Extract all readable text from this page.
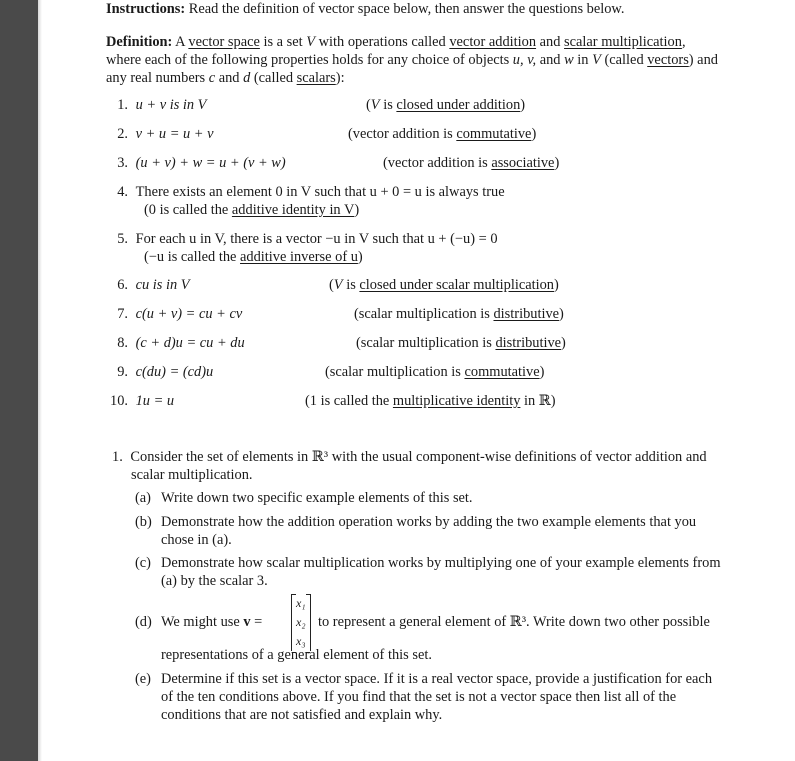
Instructions: Read the definition of vector space below, then answer the questions below.
Definition: A vector space is a set V with operations called vector addition and scalar multiplication,
where each of the following properties holds for any choice of objects u, v, and w in V (called vectors) and
any real numbers c and d (called scalars):
1. u + v is in V	(V is closed under addition)
2. v + u = u + v	(vector addition is commutative)
3. (u + v) + w = u + (v + w)	(vector addition is associative)
4. There exists an element 0 in V such that u + 0 = u is always true
(0 is called the additive identity in V)
5. For each u in V, there is a vector −u in V such that u + (−u) = 0
(−u is called the additive inverse of u)
6. cu is in V	(V is closed under scalar multiplication)
7. c(u + v) = cu + cv	(scalar multiplication is distributive)
8. (c + d)u = cu + du	(scalar multiplication is distributive)
9. c(du) = (cd)u	(scalar multiplication is commutative)
10. 1u = u	(1 is called the multiplicative identity in ℝ)
1. Consider the set of elements in ℝ³ with the usual component-wise definitions of vector addition and
scalar multiplication.
(a) Write down two specific example elements of this set.
(b) Demonstrate how the addition operation works by adding the two example elements that you
chose in (a).
(c) Demonstrate how scalar multiplication works by multiplying one of your example elements from
(a) by the scalar 3.
(d) We might use v =
x₁
x₂
x₃
to represent a general element of ℝ³. Write down two other possible
representations of a general element of this set.
(e) Determine if this set is a vector space. If it is a real vector space, provide a justification for each
of the ten conditions above. If you find that the set is not a vector space then list all of the
conditions that are not satisfied and explain why.
